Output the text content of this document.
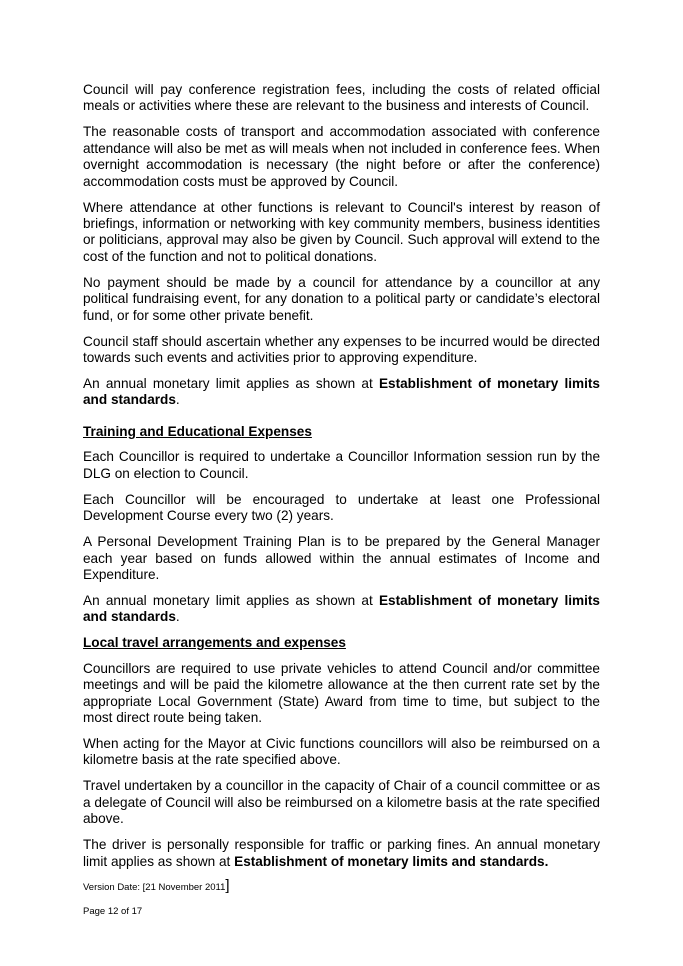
Council will pay conference registration fees, including the costs of related official meals or activities where these are relevant to the business and interests of Council.

The reasonable costs of transport and accommodation associated with conference attendance will also be met as will meals when not included in conference fees. When overnight accommodation is necessary (the night before or after the conference) accommodation costs must be approved by Council.

Where attendance at other functions is relevant to Council's interest by reason of briefings, information or networking with key community members, business identities or politicians, approval may also be given by Council. Such approval will extend to the cost of the function and not to political donations.

No payment should be made by a council for attendance by a councillor at any political fundraising event, for any donation to a political party or candidate’s electoral fund, or for some other private benefit.

Council staff should ascertain whether any expenses to be incurred would be directed towards such events and activities prior to approving expenditure.

An annual monetary limit applies as shown at Establishment of monetary limits and standards.

Training and Educational Expenses

Each Councillor is required to undertake a Councillor Information session run by the DLG on election to Council.

Each Councillor will be encouraged to undertake at least one Professional Development Course every two (2) years.

A Personal Development Training Plan is to be prepared by the General Manager each year based on funds allowed within the annual estimates of Income and Expenditure.

An annual monetary limit applies as shown at Establishment of monetary limits and standards.

Local travel arrangements and expenses

Councillors are required to use private vehicles to attend Council and/or committee meetings and will be paid the kilometre allowance at the then current rate set by the appropriate Local Government (State) Award from time to time, but subject to the most direct route being taken.

When acting for the Mayor at Civic functions councillors will also be reimbursed on a kilometre basis at the rate specified above.

Travel undertaken by a councillor in the capacity of Chair of a council committee or as a delegate of Council will also be reimbursed on a kilometre basis at the rate specified above.

The driver is personally responsible for traffic or parking fines. An annual monetary limit applies as shown at Establishment of monetary limits and standards.

Version Date: [21 November 2011]
Page 12 of 17
